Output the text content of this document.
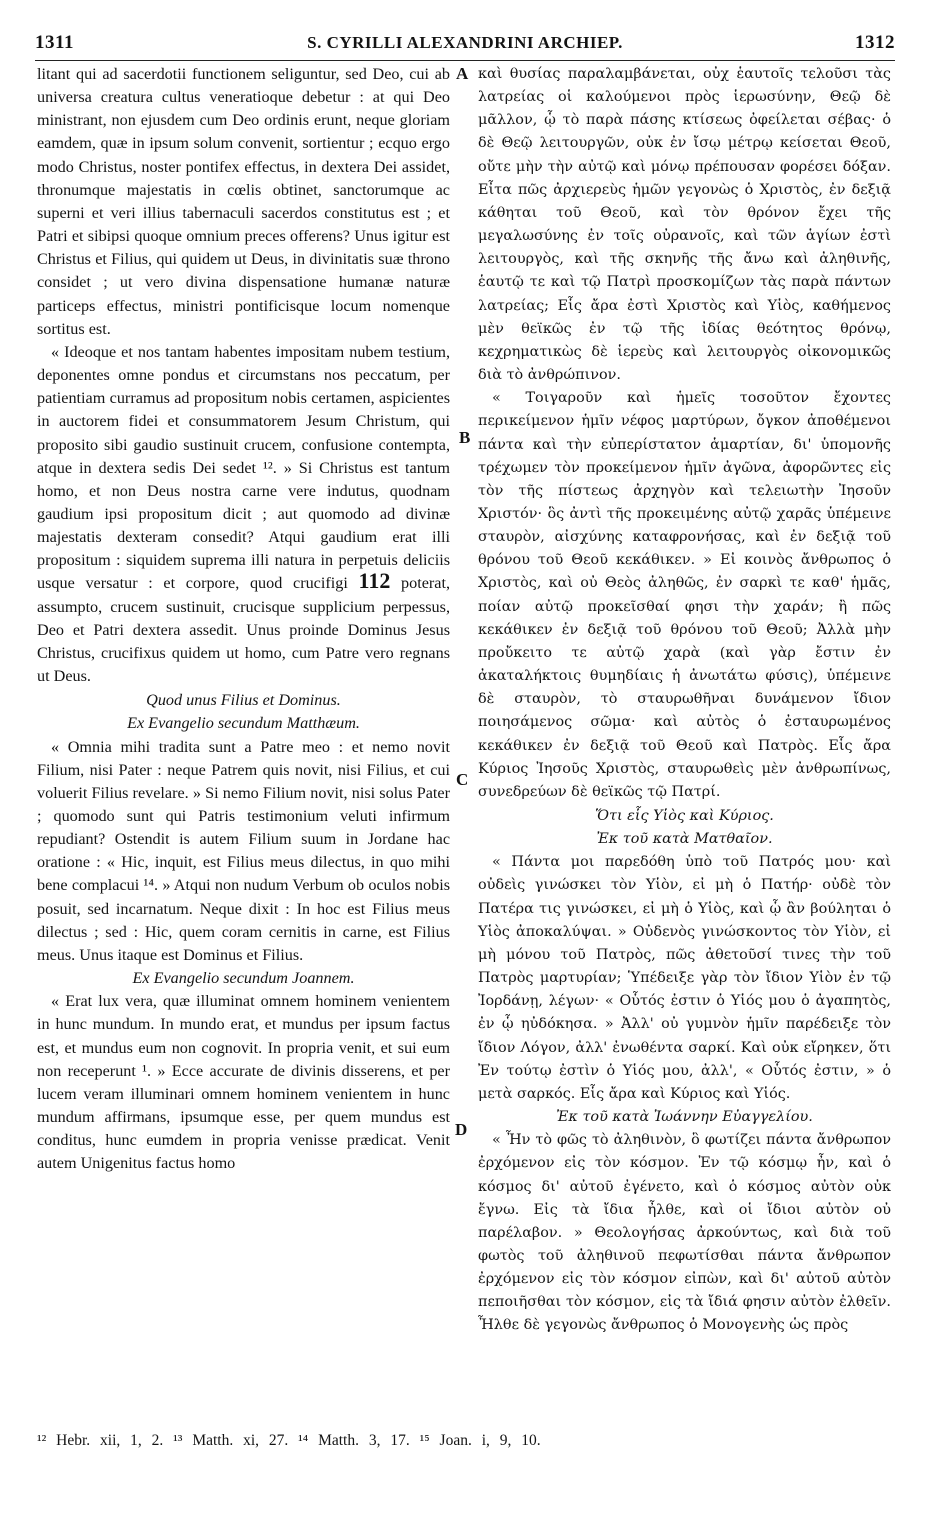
1311	S. CYRILLI ALEXANDRINI ARCHIEP.	1312

litant qui ad sacerdotii functionem seliguntur, sed Deo, cui ab universa creatura cultus veneratioque debetur : at qui Deo ministrant, non ejusdem cum Deo ordinis erunt, neque gloriam eamdem, quæ in ipsum solum convenit, sortientur ; ecquo ergo modo Christus, noster pontifex effectus, in dextera Dei assidet, thronumque majestatis in cœlis obtinet, sanctorumque ac superni et veri illius tabernaculi sacerdos constitutus est ; et Patri et sibipsi quoque omnium preces offerens? Unus igitur est Christus et Filius, qui quidem ut Deus, in divinitatis suæ throno considet ; ut vero divina dispensatione humanæ naturæ particeps effectus, ministri pontificisque locum nomenque sortitus est.

« Ideoque et nos tantam habentes impositam nubem testium, deponentes omne pondus et circumstans nos peccatum, per patientiam curramus ad propositum nobis certamen, aspicientes in auctorem fidei et consummatorem Jesum Christum, qui proposito sibi gaudio sustinuit crucem, confusione contempta, atque in dextera sedis Dei sedet ¹². » Si Christus est tantum homo, et non Deus nostra carne vere indutus, quodnam gaudium ipsi propositum dicit ; aut quomodo ad divinæ majestatis dexteram consedit? Atqui gaudium erat illi propositum : siquidem suprema illi natura in perpetuis deliciis usque versatur : et corpore, quod crucifigi 112 poterat, assumpto, crucem sustinuit, crucisque supplicium perpessus, Deo et Patri dextera assedit. Unus proinde Dominus Jesus Christus, crucifixus quidem ut homo, cum Patre vero regnans ut Deus.

Quod unus Filius et Dominus.

Ex Evangelio secundum Matthæum.

« Omnia mihi tradita sunt a Patre meo : et nemo novit Filium, nisi Pater : neque Patrem quis novit, nisi Filius, et cui voluerit Filius revelare. » Si nemo Filium novit, nisi solus Pater ; quomodo sunt qui Patris testimonium veluti infirmum repudiant? Ostendit is autem Filium suum in Jordane hac oratione : « Hic, inquit, est Filius meus dilectus, in quo mihi bene complacui ¹⁴. » Atqui non nudum Verbum ob oculos nobis posuit, sed incarnatum. Neque dixit : In hoc est Filius meus dilectus ; sed : Hic, quem coram cernitis in carne, est Filius meus. Unus itaque est Dominus et Filius.

Ex Evangelio secundum Joannem.

« Erat lux vera, quæ illuminat omnem hominem venientem in hunc mundum. In mundo erat, et mundus per ipsum factus est, et mundus eum non cognovit. In propria venit, et sui eum non receperunt ¹. » Ecce accurate de divinis disserens, et per lucem veram illuminari omnem hominem venientem in hunc mundum affirmans, ipsumque esse, per quem mundus est conditus, hunc eumdem in propria venisse prædicat. Venit autem Unigenitus factus homo

A
B
C
D

καὶ θυσίας παραλαμβάνεται, οὐχ ἑαυτοῖς τελοῦσι τὰς λατρείας οἱ καλούμενοι πρὸς ἱερωσύνην, Θεῷ δὲ μᾶλλον, ᾧ τὸ παρὰ πάσης κτίσεως ὀφείλεται σέβας· ὁ δὲ Θεῷ λειτουργῶν, οὐκ ἐν ἴσῳ μέτρῳ κείσεται Θεοῦ, οὔτε μὴν τὴν αὐτῷ καὶ μόνῳ πρέπουσαν φορέσει δόξαν. Εἶτα πῶς ἀρχιερεὺς ἡμῶν γεγονὼς ὁ Χριστὸς, ἐν δεξιᾷ κάθηται τοῦ Θεοῦ, καὶ τὸν θρόνον ἔχει τῆς μεγαλωσύνης ἐν τοῖς οὐρανοῖς, καὶ τῶν ἁγίων ἐστὶ λειτουργὸς, καὶ τῆς σκηνῆς τῆς ἄνω καὶ ἀληθινῆς, ἑαυτῷ τε καὶ τῷ Πατρὶ προσκομίζων τὰς παρὰ πάντων λατρείας; Εἷς ἄρα ἐστὶ Χριστὸς καὶ Υἱὸς, καθήμενος μὲν θεϊκῶς ἐν τῷ τῆς ἰδίας θεότητος θρόνῳ, κεχρηματικὼς δὲ ἱερεὺς καὶ λειτουργὸς οἰκονομικῶς διὰ τὸ ἀνθρώπινον.

« Τοιγαροῦν καὶ ἡμεῖς τοσοῦτον ἔχοντες περικείμενον ἡμῖν νέφος μαρτύρων, ὄγκον ἀποθέμενοι πάντα καὶ τὴν εὐπερίστατον ἁμαρτίαν, δι' ὑπομονῆς τρέχωμεν τὸν προκείμενον ἡμῖν ἀγῶνα, ἀφορῶντες εἰς τὸν τῆς πίστεως ἀρχηγὸν καὶ τελειωτὴν Ἰησοῦν Χριστόν· ὃς ἀντὶ τῆς προκειμένης αὐτῷ χαρᾶς ὑπέμεινε σταυρὸν, αἰσχύνης καταφρονήσας, καὶ ἐν δεξιᾷ τοῦ θρόνου τοῦ Θεοῦ κεκάθικεν. » Εἰ κοινὸς ἄνθρωπος ὁ Χριστὸς, καὶ οὐ Θεὸς ἀληθῶς, ἐν σαρκὶ τε καθ' ἡμᾶς, ποίαν αὐτῷ προκεῖσθαί φησι τὴν χαράν; ἢ πῶς κεκάθικεν ἐν δεξιᾷ τοῦ θρόνου τοῦ Θεοῦ; Ἀλλὰ μὴν προὔκειτο τε αὐτῷ χαρὰ (καὶ γὰρ ἔστιν ἐν ἀκαταλήκτοις θυμηδίαις ἡ ἀνωτάτω φύσις), ὑπέμεινε δὲ σταυρὸν, τὸ σταυρωθῆναι δυνάμενον ἴδιον ποιησάμενος σῶμα· καὶ αὐτὸς ὁ ἐσταυρωμένος κεκάθικεν ἐν δεξιᾷ τοῦ Θεοῦ καὶ Πατρὸς. Εἷς ἄρα Κύριος Ἰησοῦς Χριστὸς, σταυρωθεὶς μὲν ἀνθρωπίνως, συνεδρεύων δὲ θεϊκῶς τῷ Πατρί.

Ὅτι εἷς Υἱὸς καὶ Κύριος.

Ἐκ τοῦ κατὰ Ματθαῖον.

« Πάντα μοι παρεδόθη ὑπὸ τοῦ Πατρός μου· καὶ οὐδεὶς γινώσκει τὸν Υἱὸν, εἰ μὴ ὁ Πατήρ· οὐδὲ τὸν Πατέρα τις γινώσκει, εἰ μὴ ὁ Υἱὸς, καὶ ᾧ ἂν βούληται ὁ Υἱὸς ἀποκαλύψαι. » Οὐδενὸς γινώσκοντος τὸν Υἱὸν, εἰ μὴ μόνου τοῦ Πατρὸς, πῶς ἀθετοῦσί τινες τὴν τοῦ Πατρὸς μαρτυρίαν; Ὑπέδειξε γὰρ τὸν ἴδιον Υἱὸν ἐν τῷ Ἰορδάνῃ, λέγων· « Οὗτός ἐστιν ὁ Υἱός μου ὁ ἀγαπητὸς, ἐν ᾧ ηὐδόκησα. » Ἀλλ' οὐ γυμνὸν ἡμῖν παρέδειξε τὸν ἴδιον Λόγον, ἀλλ' ἐνωθέντα σαρκί. Καὶ οὐκ εἴρηκεν, ὅτι Ἐν τούτῳ ἐστὶν ὁ Υἱός μου, ἀλλ', « Οὗτός ἐστιν, » ὁ μετὰ σαρκός. Εἷς ἄρα καὶ Κύριος καὶ Υἱός.

Ἐκ τοῦ κατὰ Ἰωάννην Εὐαγγελίου.

« Ἦν τὸ φῶς τὸ ἀληθινὸν, ὃ φωτίζει πάντα ἄνθρωπον ἐρχόμενον εἰς τὸν κόσμον. Ἐν τῷ κόσμῳ ἦν, καὶ ὁ κόσμος δι' αὐτοῦ ἐγένετο, καὶ ὁ κόσμος αὐτὸν οὐκ ἔγνω. Εἰς τὰ ἴδια ἦλθε, καὶ οἱ ἴδιοι αὐτὸν οὐ παρέλαβον. » Θεολογήσας ἀρκούντως, καὶ διὰ τοῦ φωτὸς τοῦ ἀληθινοῦ πεφωτίσθαι πάντα ἄνθρωπον ἐρχόμενον εἰς τὸν κόσμον εἰπὼν, καὶ δι' αὐτοῦ αὐτὸν πεποιῆσθαι τὸν κόσμον, εἰς τὰ ἴδιά φησιν αὐτὸν ἐλθεῖν. Ἦλθε δὲ γεγονὼς ἄνθρωπος ὁ Μονογενὴς ὡς πρὸς

¹² Hebr. xii, 1, 2. ¹³ Matth. xi, 27. ¹⁴ Matth. 3, 17. ¹⁵ Joan. i, 9, 10.
